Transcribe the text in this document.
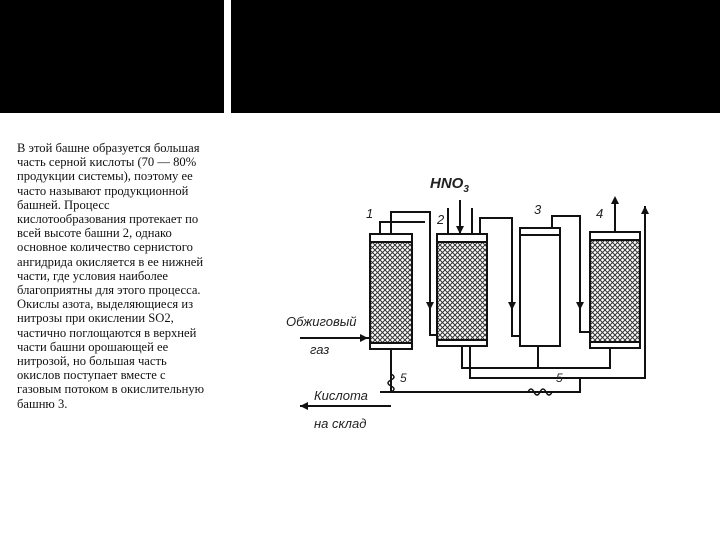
В этой башне образуется большая часть серной кислоты (70 — 80% продукции системы), поэтому ее часто называют продукционной башней. Процесс кислотообразования протекает по всей высоте башни 2, однако основное количество сернистого ангидрида окисляется в ее нижней части, где условия наиболее благоприятны для этого процесса. Окислы азота, выделяющиеся из нитрозы при окислении SO2, частично поглощаются в верхней части башни орошающей ее нитрозой, но большая часть окислов поступает вместе с газовым потоком в окислительную башню 3.

$HNO_3$
1	2
3	4
5	5
Обжиговый
газ
Кислота
на склад
